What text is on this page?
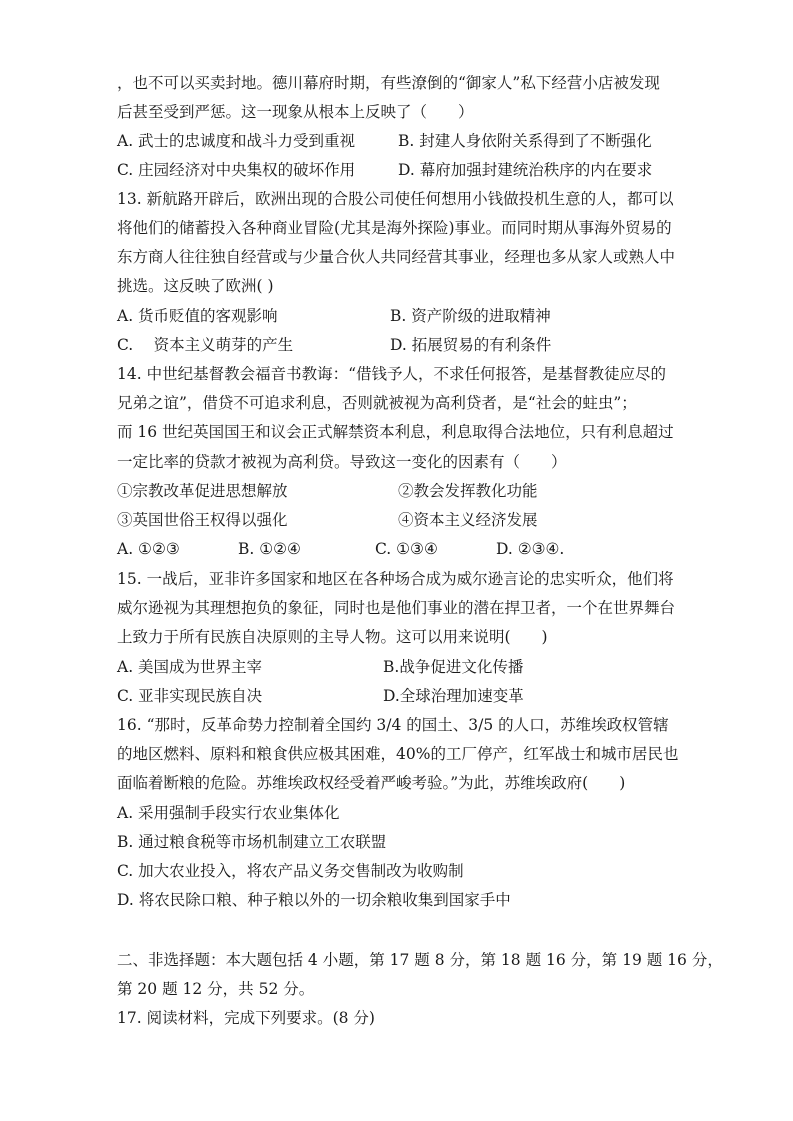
，也不可以买卖封地。德川幕府时期，有些潦倒的“御家人”私下经营小店被发现
后甚至受到严惩。这一现象从根本上反映了（　　）
A. 武士的忠诚度和战斗力受到重视	B. 封建人身依附关系得到了不断强化
C. 庄园经济对中央集权的破坏作用	D. 幕府加强封建统治秩序的内在要求
13. 新航路开辟后，欧洲出现的合股公司使任何想用小钱做投机生意的人，都可以
将他们的储蓄投入各种商业冒险(尤其是海外探险)事业。而同时期从事海外贸易的
东方商人往往独自经营或与少量合伙人共同经营其事业，经理也多从家人或熟人中
挑选。这反映了欧洲( )
A. 货币贬值的客观影响	B. 资产阶级的进取精神
C.　 资本主义萌芽的产生	D. 拓展贸易的有利条件
14. 中世纪基督教会福音书教诲：“借钱予人，不求任何报答，是基督教徒应尽的
兄弟之谊”，借贷不可追求利息，否则就被视为高利贷者，是“社会的蛀虫”；
而 16 世纪英国国王和议会正式解禁资本利息，利息取得合法地位，只有利息超过
一定比率的贷款才被视为高利贷。导致这一变化的因素有（　　）
①宗教改革促进思想解放	②教会发挥教化功能
③英国世俗王权得以强化	④资本主义经济发展
A. ①②③	B. ①②④	C. ①③④	D. ②③④.
15. 一战后，亚非许多国家和地区在各种场合成为威尔逊言论的忠实听众，他们将
威尔逊视为其理想抱负的象征，同时也是他们事业的潜在捍卫者，一个在世界舞台
上致力于所有民族自决原则的主导人物。这可以用来说明(　　)
A. 美国成为世界主宰	B.战争促进文化传播
C. 亚非实现民族自决	D.全球治理加速变革
16. “那时，反革命势力控制着全国约 3/4 的国土、3/5 的人口，苏维埃政权管辖
的地区燃料、原料和粮食供应极其困难，40%的工厂停产，红军战士和城市居民也
面临着断粮的危险。苏维埃政权经受着严峻考验。”为此，苏维埃政府(　　)
A. 采用强制手段实行农业集体化
B. 通过粮食税等市场机制建立工农联盟
C. 加大农业投入，将农产品义务交售制改为收购制
D. 将农民除口粮、种子粮以外的一切余粮收集到国家手中
二、非选择题：本大题包括 4 小题，第 17 题 8 分，第 18 题 16 分，第 19 题 16 分，
第 20 题 12 分，共 52 分。
17. 阅读材料，完成下列要求。(8 分)
